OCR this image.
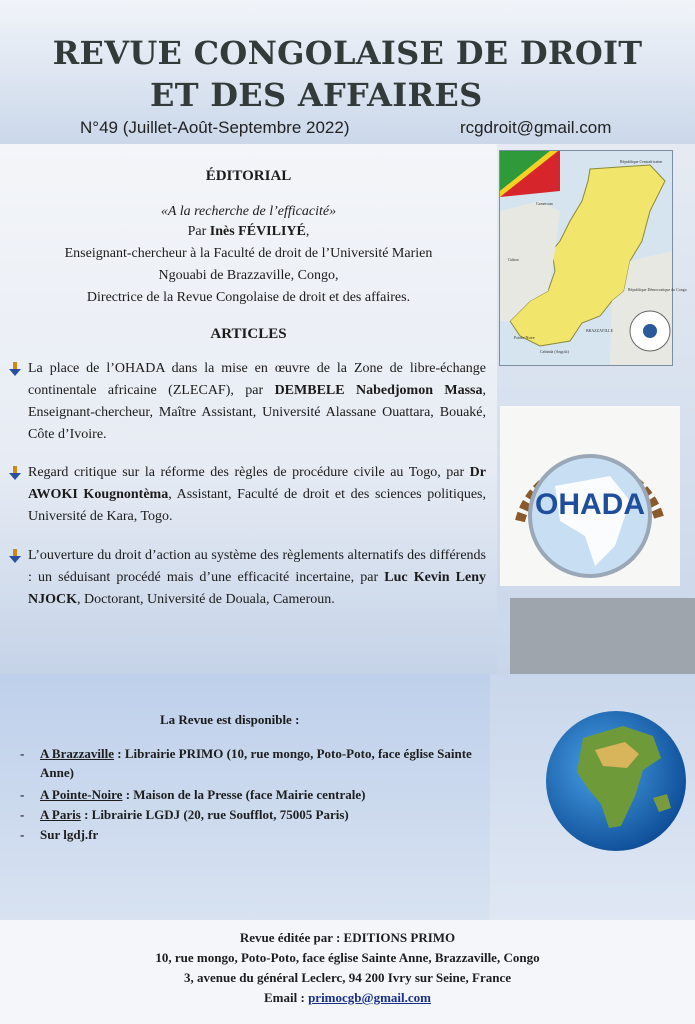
REVUE CONGOLAISE DE DROIT
ET DES AFFAIRES
N°49 (Juillet-Août-Septembre 2022)	rcgdroit@gmail.com
ÉDITORIAL
«A la recherche de l’efficacité»
Par Inès FÉVILIYÉ,
Enseignant-chercheur à la Faculté de droit de l’Université Marien
Ngouabi de Brazzaville, Congo,
Directrice de la Revue Congolaise de droit et des affaires.
ARTICLES
La place de l’OHADA dans la mise en œuvre de la Zone de libre-échange continentale africaine (ZLECAF), par DEMBELE Nabedjomon Massa, Enseignant-chercheur, Maître Assistant, Université Alassane Ouattara, Bouaké, Côte d’Ivoire.
Regard critique sur la réforme des règles de procédure civile au Togo, par Dr AWOKI Kougnontèma, Assistant, Faculté de droit et des sciences politiques, Université de Kara, Togo.
L’ouverture du droit d’action au système des règlements alternatifs des différends : un séduisant procédé mais d’une efficacité incertaine, par Luc Kevin Leny NJOCK, Doctorant, Université de Douala, Cameroun.
République Centrafricaine
Cameroun
Gabon
République Démocratique du Congo
BRAZZAVILLE
Pointe-Noire
Cabinda (Angola)
OHADA
La Revue est disponible :
- A Brazzaville : Librairie PRIMO (10, rue mongo, Poto-Poto, face église Sainte Anne)
- A Pointe-Noire : Maison de la Presse (face Mairie centrale)
- A Paris : Librairie LGDJ (20, rue Soufflot, 75005 Paris)
- Sur lgdj.fr
Revue éditée par : EDITIONS PRIMO
10, rue mongo, Poto-Poto, face église Sainte Anne, Brazzaville, Congo
3, avenue du général Leclerc, 94 200 Ivry sur Seine, France
Email : primocgb@gmail.com
